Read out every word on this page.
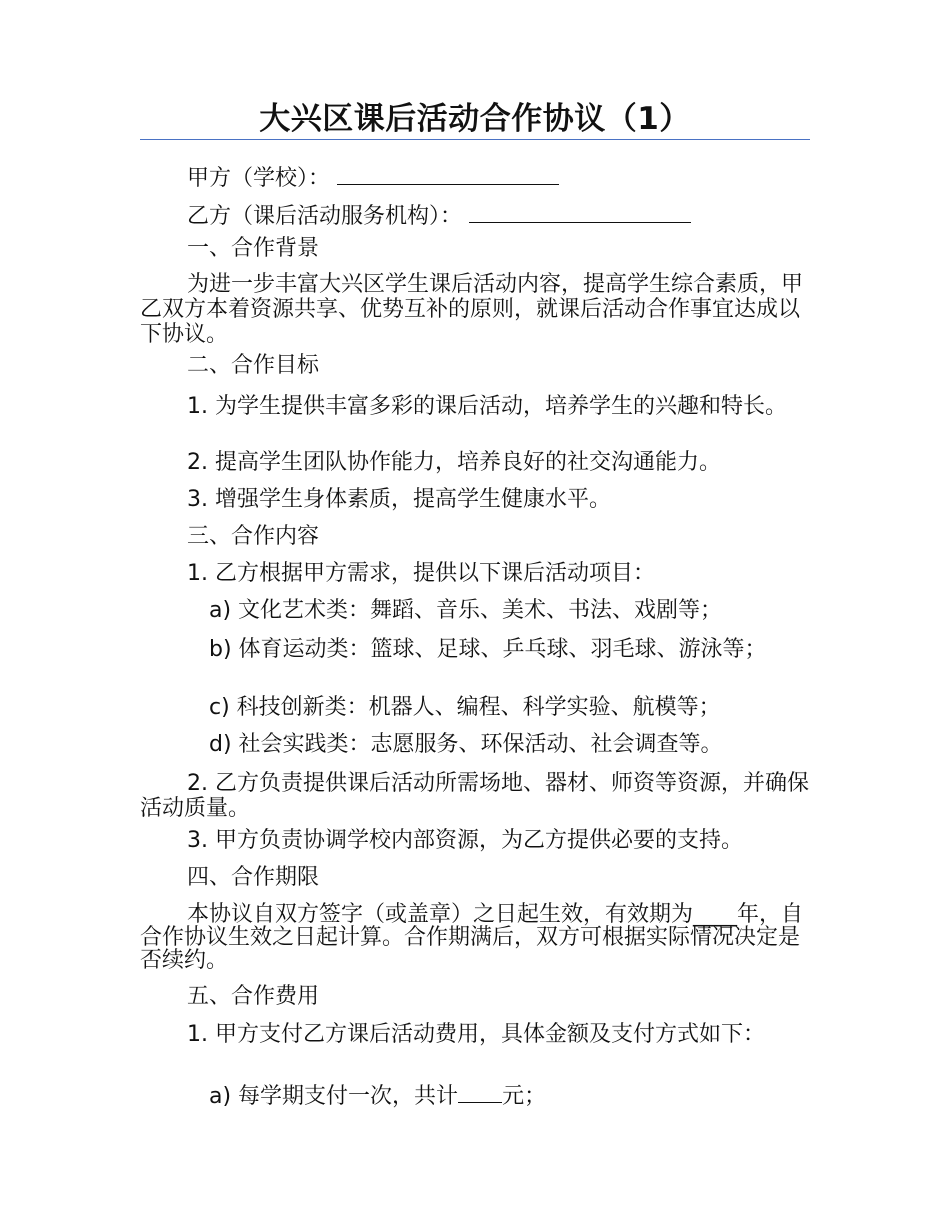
大兴区课后活动合作协议（1）

甲方（学校）：

乙方（课后活动服务机构）：

一、合作背景

为进一步丰富大兴区学生课后活动内容，提高学生综合素质，甲乙双方本着资源共享、优势互补的原则，就课后活动合作事宜达成以下协议。

二、合作目标

1. 为学生提供丰富多彩的课后活动，培养学生的兴趣和特长。

2. 提高学生团队协作能力，培养良好的社交沟通能力。

3. 增强学生身体素质，提高学生健康水平。

三、合作内容

1. 乙方根据甲方需求，提供以下课后活动项目：

a) 文化艺术类：舞蹈、音乐、美术、书法、戏剧等；

b) 体育运动类：篮球、足球、乒乓球、羽毛球、游泳等；

c) 科技创新类：机器人、编程、科学实验、航模等；

d) 社会实践类：志愿服务、环保活动、社会调查等。

2. 乙方负责提供课后活动所需场地、器材、师资等资源，并确保活动质量。

3. 甲方负责协调学校内部资源，为乙方提供必要的支持。

四、合作期限

本协议自双方签字（或盖章）之日起生效，有效期为____年，自合作协议生效之日起计算。合作期满后，双方可根据实际情况决定是否续约。

五、合作费用

1. 甲方支付乙方课后活动费用，具体金额及支付方式如下：

a) 每学期支付一次，共计 元；
